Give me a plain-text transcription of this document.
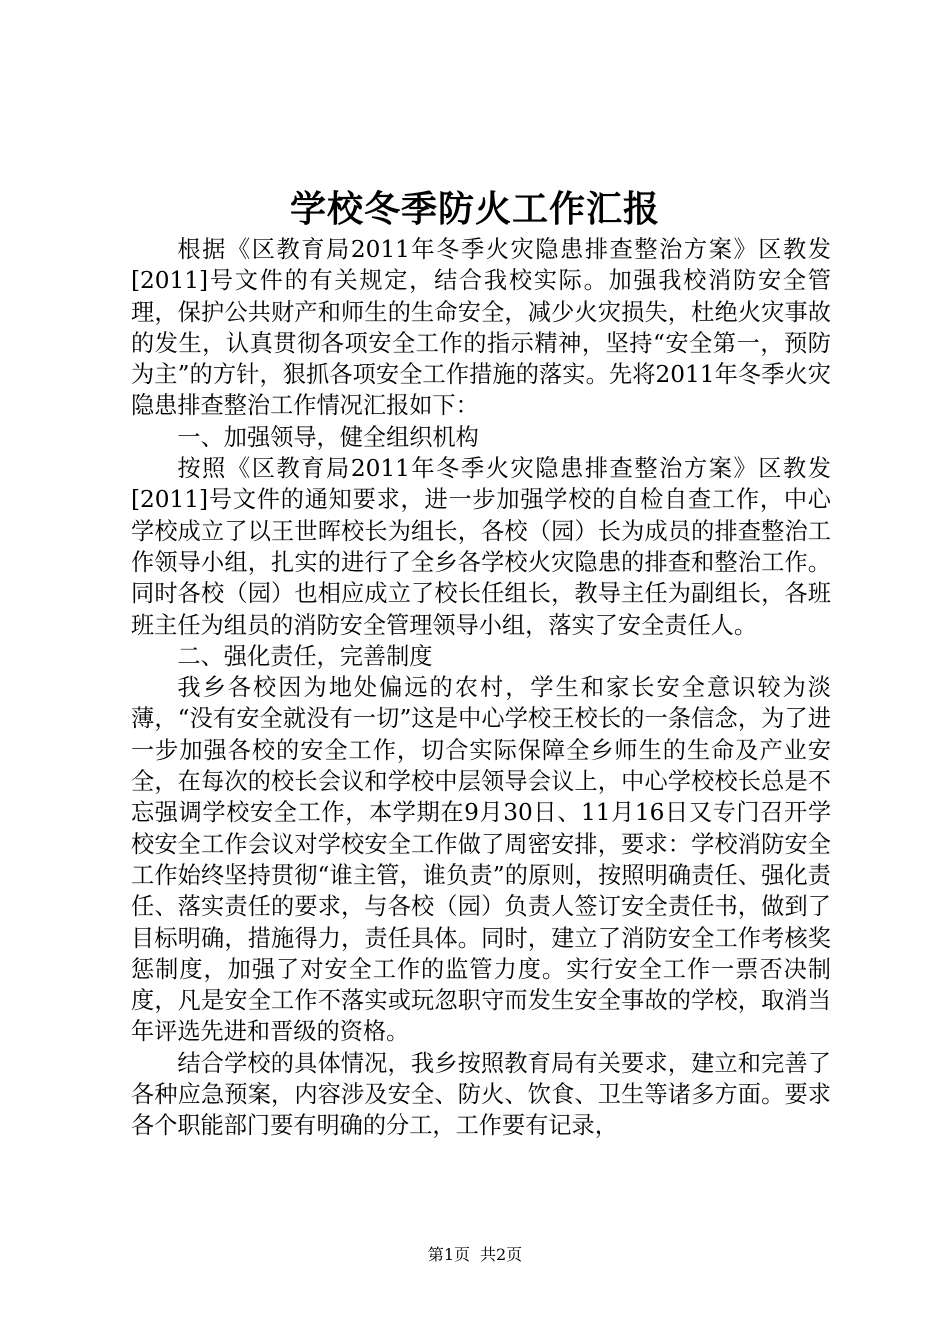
学校冬季防火工作汇报

根据《区教育局2011年冬季火灾隐患排查整治方案》区教发[2011]号文件的有关规定，结合我校实际。加强我校消防安全管理，保护公共财产和师生的生命安全，减少火灾损失，杜绝火灾事故的发生，认真贯彻各项安全工作的指示精神，坚持“安全第一，预防为主”的方针，狠抓各项安全工作措施的落实。先将2011年冬季火灾隐患排查整治工作情况汇报如下：

一、加强领导，健全组织机构

按照《区教育局2011年冬季火灾隐患排查整治方案》区教发[2011]号文件的通知要求，进一步加强学校的自检自查工作，中心学校成立了以王世晖校长为组长，各校（园）长为成员的排查整治工作领导小组，扎实的进行了全乡各学校火灾隐患的排查和整治工作。同时各校（园）也相应成立了校长任组长，教导主任为副组长，各班班主任为组员的消防安全管理领导小组，落实了安全责任人。

二、强化责任，完善制度

我乡各校因为地处偏远的农村，学生和家长安全意识较为淡薄，“没有安全就没有一切”这是中心学校王校长的一条信念，为了进一步加强各校的安全工作，切合实际保障全乡师生的生命及产业安全，在每次的校长会议和学校中层领导会议上，中心学校校长总是不忘强调学校安全工作，本学期在9月30日、11月16日又专门召开学校安全工作会议对学校安全工作做了周密安排，要求：学校消防安全工作始终坚持贯彻“谁主管，谁负责”的原则，按照明确责任、强化责任、落实责任的要求，与各校（园）负责人签订安全责任书，做到了目标明确，措施得力，责任具体。同时，建立了消防安全工作考核奖惩制度，加强了对安全工作的监管力度。实行安全工作一票否决制度，凡是安全工作不落实或玩忽职守而发生安全事故的学校，取消当年评选先进和晋级的资格。

结合学校的具体情况，我乡按照教育局有关要求，建立和完善了各种应急预案，内容涉及安全、防火、饮食、卫生等诸多方面。要求各个职能部门要有明确的分工，工作要有记录，

第1页 共2页
